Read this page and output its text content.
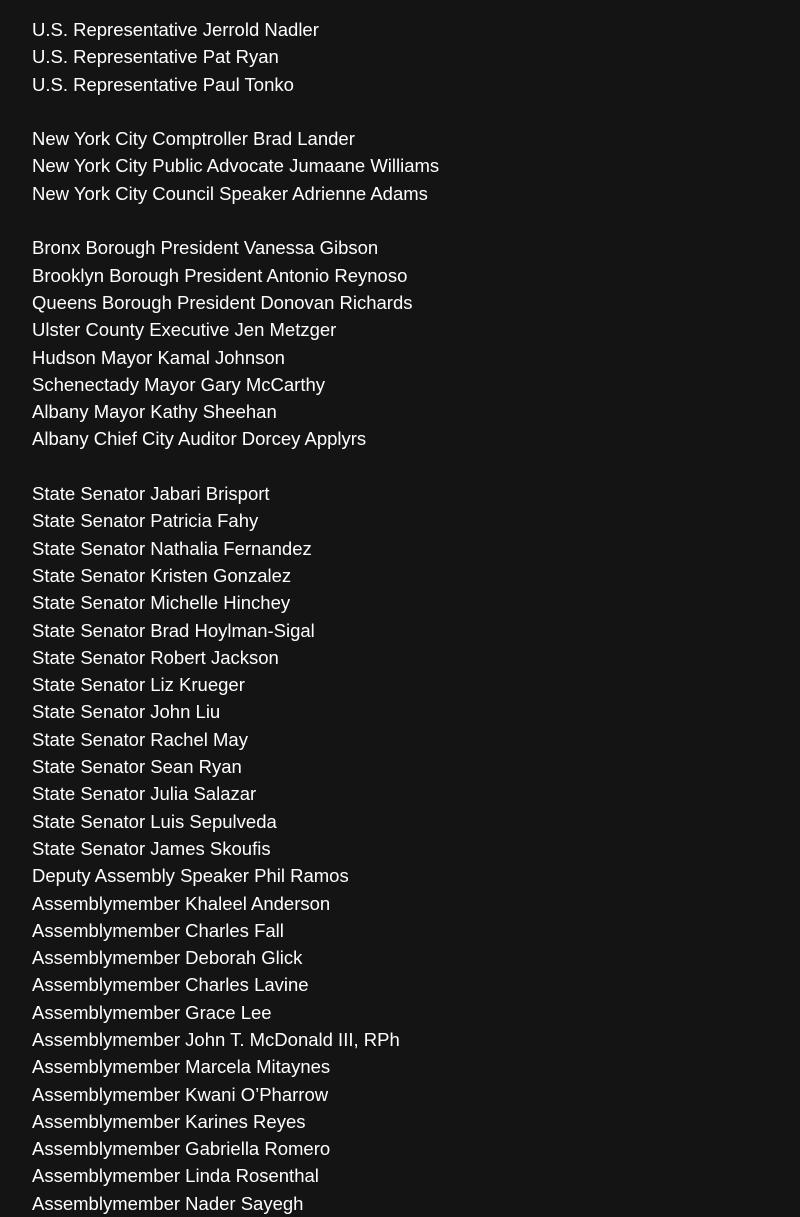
U.S. Representative Jerrold Nadler
U.S. Representative Pat Ryan
U.S. Representative Paul Tonko
New York City Comptroller Brad Lander
New York City Public Advocate Jumaane Williams
New York City Council Speaker Adrienne Adams
Bronx Borough President Vanessa Gibson
Brooklyn Borough President Antonio Reynoso
Queens Borough President Donovan Richards
Ulster County Executive Jen Metzger
Hudson Mayor Kamal Johnson
Schenectady Mayor Gary McCarthy
Albany Mayor Kathy Sheehan
Albany Chief City Auditor Dorcey Applyrs
State Senator Jabari Brisport
State Senator Patricia Fahy
State Senator Nathalia Fernandez
State Senator Kristen Gonzalez
State Senator Michelle Hinchey
State Senator Brad Hoylman-Sigal
State Senator Robert Jackson
State Senator Liz Krueger
State Senator John Liu
State Senator Rachel May
State Senator Sean Ryan
State Senator Julia Salazar
State Senator Luis Sepulveda
State Senator James Skoufis
Deputy Assembly Speaker Phil Ramos
Assemblymember Khaleel Anderson
Assemblymember Charles Fall
Assemblymember Deborah Glick
Assemblymember Charles Lavine
Assemblymember Grace Lee
Assemblymember John T. McDonald III, RPh
Assemblymember Marcela Mitaynes
Assemblymember Kwani O’Pharrow
Assemblymember Karines Reyes
Assemblymember Gabriella Romero
Assemblymember Linda Rosenthal
Assemblymember Nader Sayegh
